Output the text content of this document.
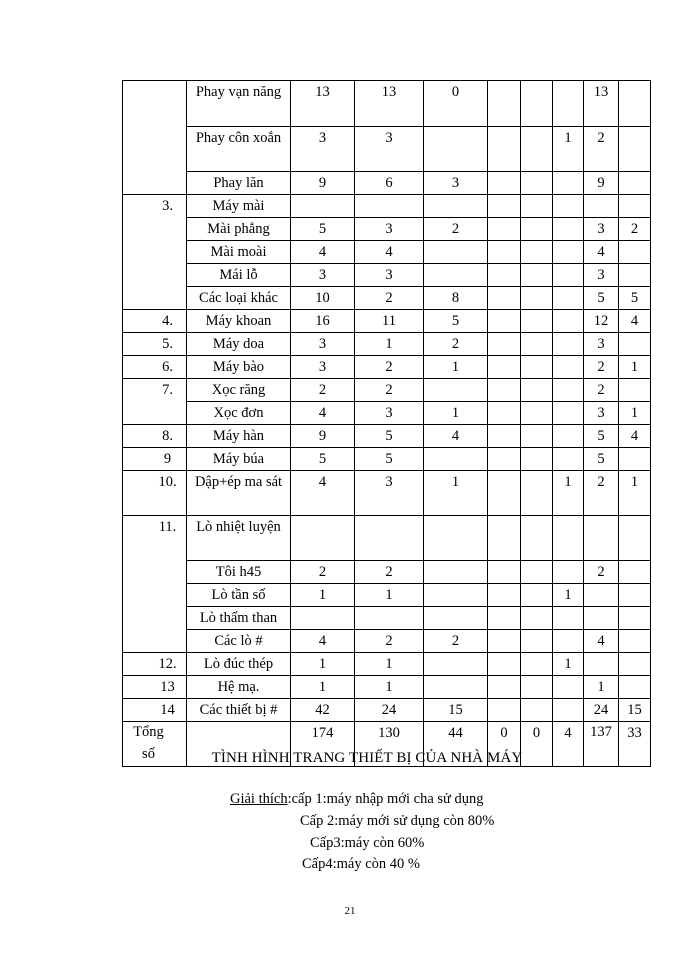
	Phay vạn năng	13	13	0				13		
	Phay côn xoắn	3	3				1	2		
	Phay lăn	9	6	3				9		
3.	Máy mài									
	Mài phẳng	5	3	2				3	2	
	Mài moài	4	4					4		
	Mái lỗ	3	3					3		
	Các loại khác	10	2	8				5	5	
4.	Máy khoan	16	11	5				12	4	
5.	Máy doa	3	1	2				3		
6.	Máy bào	3	2	1				2	1	
7.	Xọc răng	2	2					2		
	Xọc đơn	4	3	1				3	1	
8.	Máy hàn	9	5	4				5	4	
9	Máy búa	5	5					5		
10.	Dập+ép ma sát	4	3	1			1	2	1	
11.	Lò nhiệt luyện									
	Tôi h45	2	2					2		
	Lò tần số	1	1				1			
	Lò thấm than									
	Các lò #	4	2	2				4		
12.	Lò đúc thép	1	1				1			
13	Hệ mạ.	1	1					1		
14	Các thiết bị #	42	24	15				24	15	
Tổng số		174	130	44	0	0	4	137	33	
TÌNH HÌNH TRANG THIẾT BỊ CỦA NHÀ MÁY
Giải thích:cấp 1:máy nhập mới cha sử dụng
Cấp 2:máy mới sử dụng còn 80%
Cấp3:máy còn 60%
Cấp4:máy còn 40 %
21
